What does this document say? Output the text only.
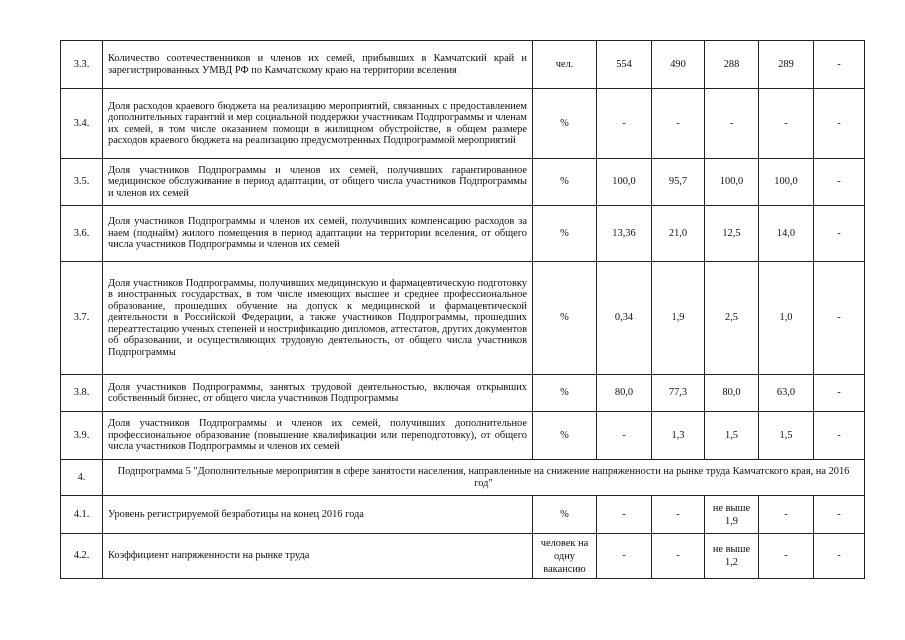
3.3.	Количество соотечественников и членов их семей, прибывших в Камчатский край и зарегистрированных УМВД РФ по Камчатскому краю на территории вселения	чел.	554	490	288	289	-
3.4.	Доля расходов краевого бюджета на реализацию мероприятий, связанных с предоставлением дополнительных гарантий и мер социальной поддержки участникам Подпрограммы и членам их семей, в том числе оказанием помощи в жилищном обустройстве, в общем размере расходов краевого бюджета на реализацию предусмотренных Подпрограммой мероприятий	%	-	-	-	-	-
3.5.	Доля участников Подпрограммы и членов их семей, получивших гарантированное медицинское обслуживание в период адаптации, от общего числа участников Подпрограммы и членов их семей	%	100,0	95,7	100,0	100,0	-
3.6.	Доля участников Подпрограммы и членов их семей, получивших компенсацию расходов за наем (поднайм) жилого помещения в период адаптации на территории вселения, от общего числа участников Подпрограммы и членов их семей	%	13,36	21,0	12,5	14,0	-
3.7.	Доля участников Подпрограммы, получивших медицинскую и фармацевтическую подготовку в иностранных государствах, в том числе имеющих высшее и среднее профессиональное образование, прошедших обучение на допуск к медицинской и фармацевтической деятельности в Российской Федерации, а также участников Подпрограммы, прошедших переаттестацию ученых степеней и нострификацию дипломов, аттестатов, других документов об образовании, и осуществляющих трудовую деятельность, от общего числа участников Подпрограммы	%	0,34	1,9	2,5	1,0	-
3.8.	Доля участников Подпрограммы, занятых трудовой деятельностью, включая открывших собственный бизнес, от общего числа участников Подпрограммы	%	80,0	77,3	80,0	63,0	-
3.9.	Доля участников Подпрограммы и членов их семей, получивших дополнительное профессиональное образование (повышение квалификации или переподготовку), от общего числа участников Подпрограммы и членов их семей	%	-	1,3	1,5	1,5	-
4.	Подпрограмма 5 "Дополнительные мероприятия в сфере занятости населения, направленные на снижение напряженности на рынке труда Камчатского края, на 2016 год"						
4.1.	Уровень регистрируемой безработицы на конец 2016 года	%	-	-	не выше 1,9	-	-
4.2.	Коэффициент напряженности на рынке труда	человек на одну вакансию	-	-	не выше 1,2	-	-
